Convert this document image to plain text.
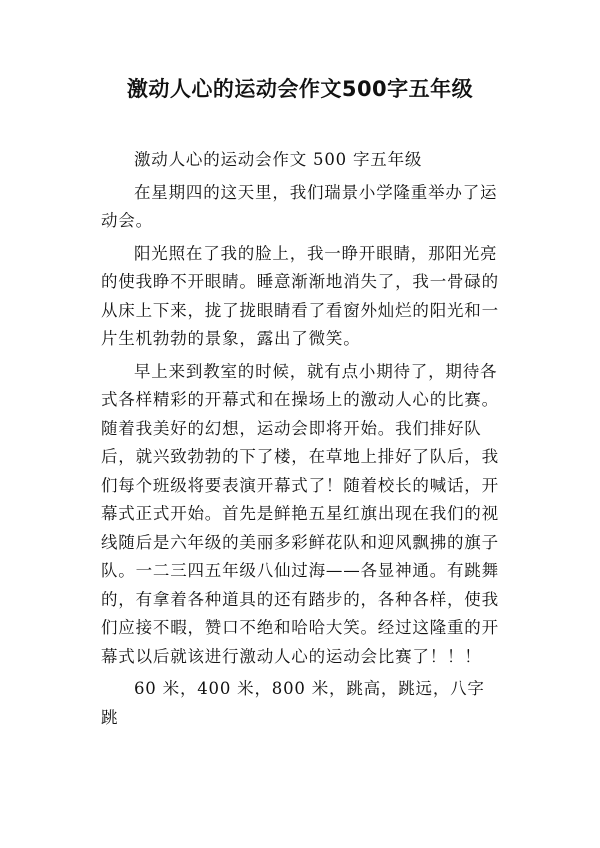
激动人心的运动会作文500字五年级

激动人心的运动会作文 500 字五年级

在星期四的这天里，我们瑞景小学隆重举办了运动会。

阳光照在了我的脸上，我一睁开眼睛，那阳光亮的使我睁不开眼睛。睡意渐渐地消失了，我一骨碌的从床上下来，拢了拢眼睛看了看窗外灿烂的阳光和一片生机勃勃的景象，露出了微笑。

早上来到教室的时候，就有点小期待了，期待各式各样精彩的开幕式和在操场上的激动人心的比赛。随着我美好的幻想，运动会即将开始。我们排好队后，就兴致勃勃的下了楼，在草地上排好了队后，我们每个班级将要表演开幕式了！随着校长的喊话，开幕式正式开始。首先是鲜艳五星红旗出现在我们的视线随后是六年级的美丽多彩鲜花队和迎风飘拂的旗子队。一二三四五年级八仙过海——各显神通。有跳舞的，有拿着各种道具的还有踏步的，各种各样，使我们应接不暇，赞口不绝和哈哈大笑。经过这隆重的开幕式以后就该进行激动人心的运动会比赛了！！！

60 米，400 米，800 米，跳高，跳远，八字跳
